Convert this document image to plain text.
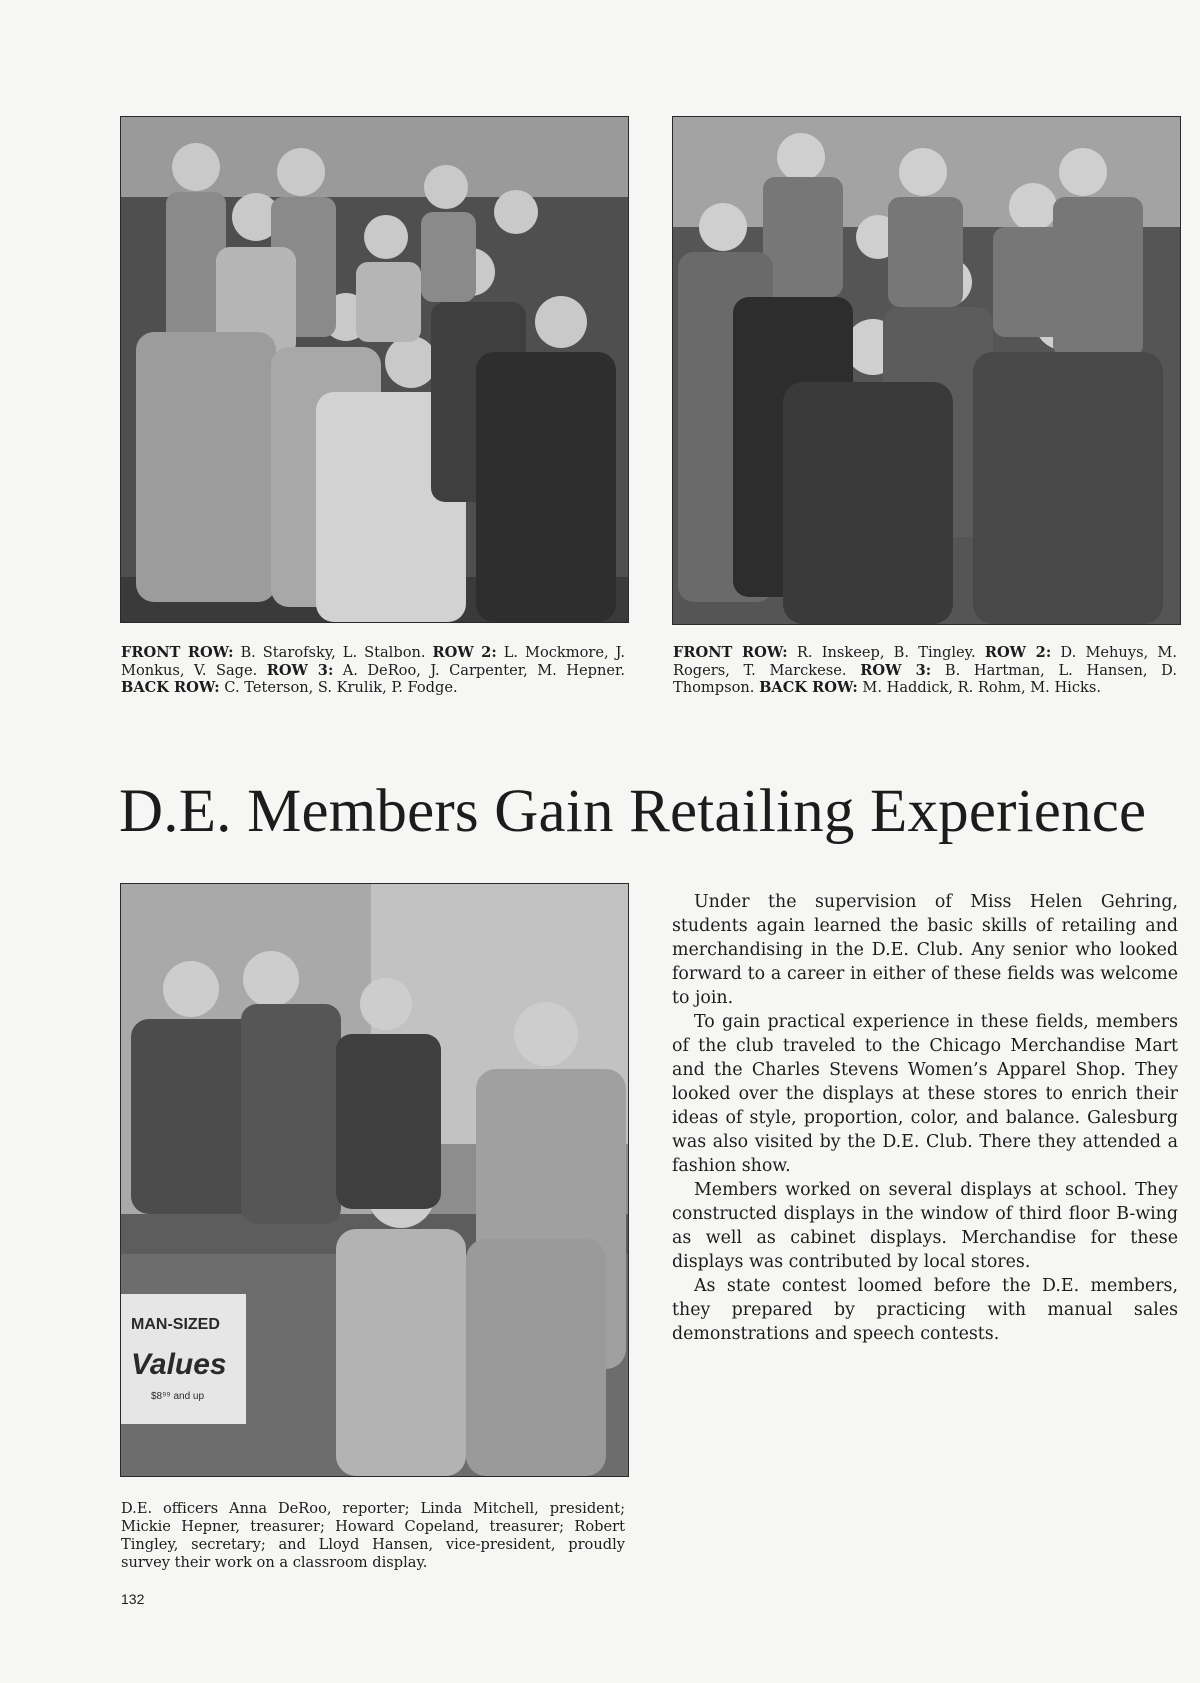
FRONT ROW: B. Starofsky, L. Stalbon. ROW 2: L. Mockmore, J. Monkus, V. Sage. ROW 3: A. DeRoo, J. Carpenter, M. Hepner. BACK ROW: C. Teterson, S. Krulik, P. Fodge.
FRONT ROW: R. Inskeep, B. Tingley. ROW 2: D. Mehuys, M. Rogers, T. Marckese. ROW 3: B. Hartman, L. Hansen, D. Thompson. BACK ROW: M. Haddick, R. Rohm, M. Hicks.
D.E. Members Gain Retailing Experience
MAN-SIZED
Values
$8⁹⁹ and up
D.E. officers Anna DeRoo, reporter; Linda Mitchell, president; Mickie Hepner, treasurer; Howard Copeland, treasurer; Robert Tingley, secretary; and Lloyd Hansen, vice-president, proudly survey their work on a classroom display.

Under the supervision of Miss Helen Gehring, students again learned the basic skills of retailing and merchandising in the D.E. Club. Any senior who looked forward to a career in either of these fields was welcome to join.

To gain practical experience in these fields, members of the club traveled to the Chicago Merchandise Mart and the Charles Stevens Women’s Apparel Shop. They looked over the displays at these stores to enrich their ideas of style, proportion, color, and balance. Galesburg was also visited by the D.E. Club. There they attended a fashion show.

Members worked on several displays at school. They constructed displays in the window of third floor B-wing as well as cabinet displays. Merchandise for these displays was contributed by local stores.

As state contest loomed before the D.E. members, they prepared by practicing with manual sales demonstrations and speech contests.

132
